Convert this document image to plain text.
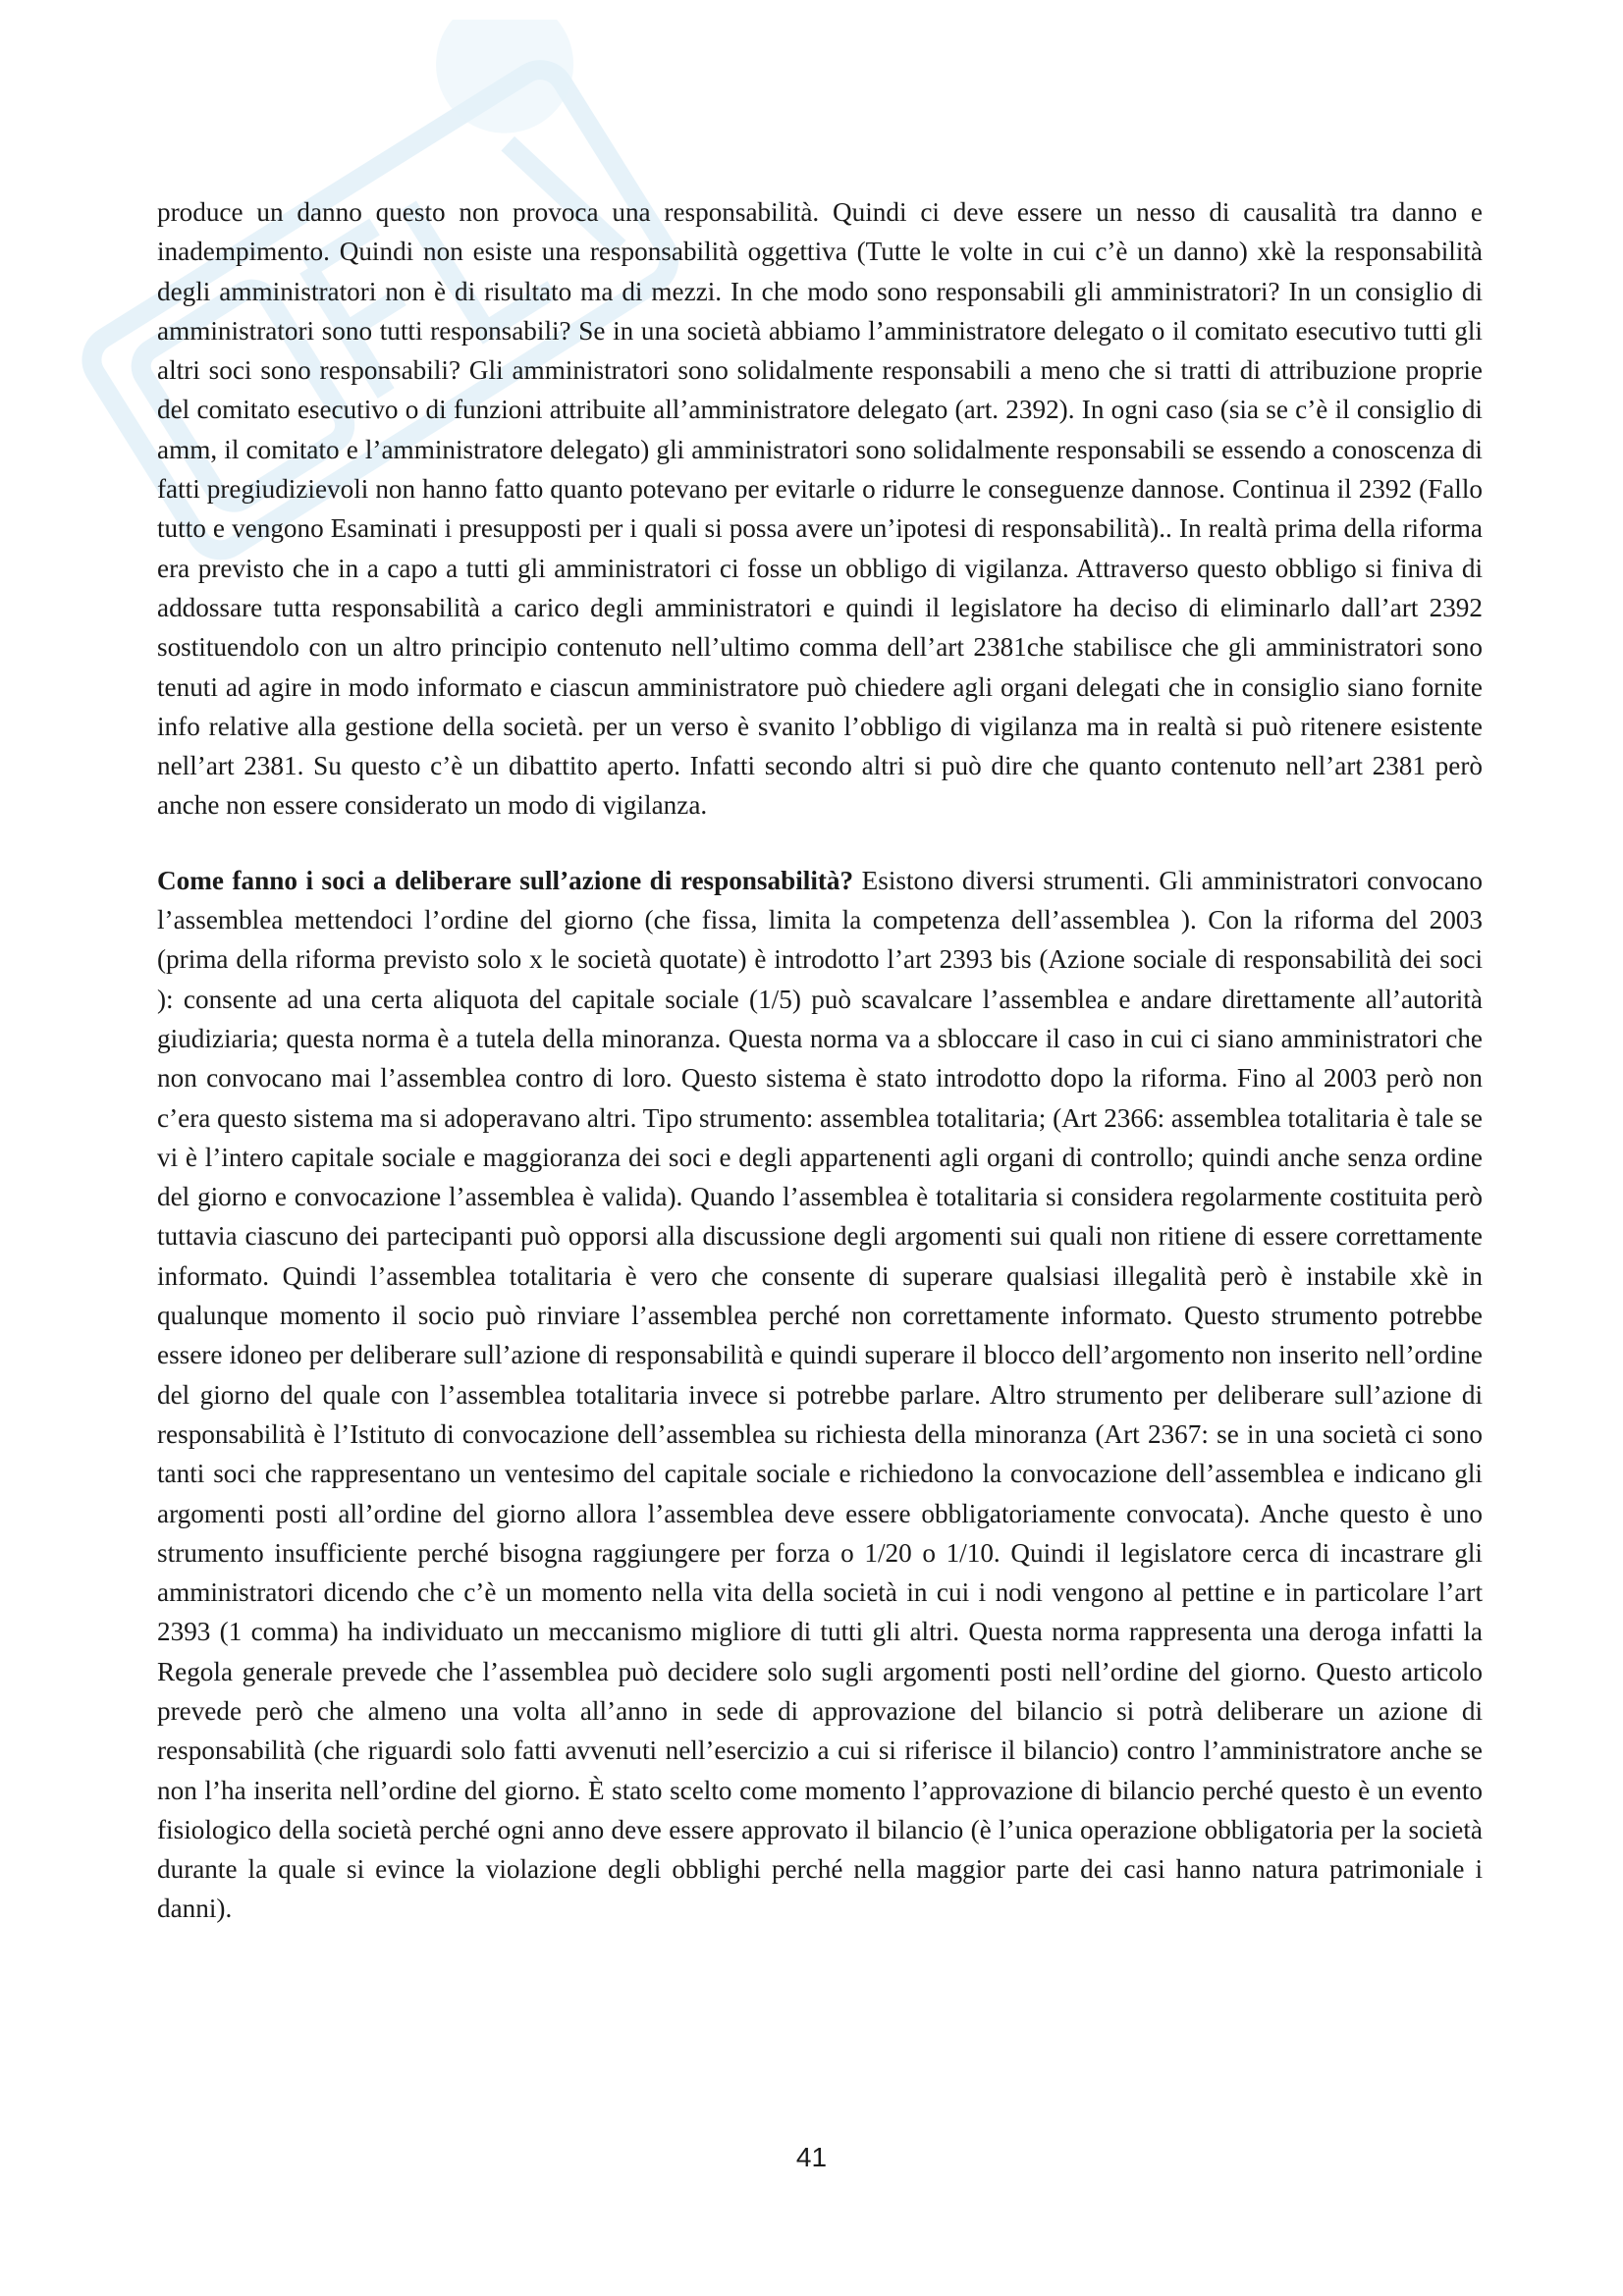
produce un danno questo non provoca una responsabilità. Quindi ci deve essere un nesso di causalità tra danno e inadempimento. Quindi non esiste una responsabilità oggettiva (Tutte le volte in cui c’è un danno) xkè la responsabilità degli amministratori non è di risultato ma di mezzi. In che modo sono responsabili gli amministratori? In un consiglio di amministratori sono tutti responsabili? Se in una società abbiamo l’amministratore delegato o il comitato esecutivo tutti gli altri soci sono responsabili? Gli amministratori sono solidalmente responsabili a meno che si tratti di attribuzione proprie del comitato esecutivo o di funzioni attribuite all’amministratore delegato (art. 2392). In ogni caso (sia se c’è il consiglio di amm, il comitato e l’amministratore delegato) gli amministratori sono solidalmente responsabili se essendo a conoscenza di fatti pregiudizievoli non hanno fatto quanto potevano per evitarle o ridurre le conseguenze dannose. Continua il 2392 (Fallo tutto e vengono Esaminati i presupposti per i quali si possa avere un’ipotesi di responsabilità).. In realtà prima della riforma era previsto che in a capo a tutti gli amministratori ci fosse un obbligo di vigilanza. Attraverso questo obbligo si finiva di addossare tutta responsabilità a carico degli amministratori e quindi il legislatore ha deciso di eliminarlo dall’art 2392 sostituendolo con un altro principio contenuto nell’ultimo comma dell’art 2381che stabilisce che gli amministratori sono tenuti ad agire in modo informato e ciascun amministratore può chiedere agli organi delegati che in consiglio siano fornite info relative alla gestione della società. per un verso è svanito l’obbligo di vigilanza ma in realtà si può ritenere esistente nell’art 2381. Su questo c’è un dibattito aperto. Infatti secondo altri si può dire che quanto contenuto nell’art 2381 però anche non essere considerato un modo di vigilanza.

Come fanno i soci a deliberare sull’azione di responsabilità? Esistono diversi strumenti. Gli amministratori convocano l’assemblea mettendoci l’ordine del giorno (che fissa, limita la competenza dell’assemblea ). Con la riforma del 2003 (prima della riforma previsto solo x le società quotate) è introdotto l’art 2393 bis (Azione sociale di responsabilità dei soci ): consente ad una certa aliquota del capitale sociale (1/5) può scavalcare l’assemblea e andare direttamente all’autorità giudiziaria; questa norma è a tutela della minoranza. Questa norma va a sbloccare il caso in cui ci siano amministratori che non convocano mai l’assemblea contro di loro. Questo sistema è stato introdotto dopo la riforma. Fino al 2003 però non c’era questo sistema ma si adoperavano altri. Tipo strumento: assemblea totalitaria; (Art 2366: assemblea totalitaria è tale se vi è l’intero capitale sociale e maggioranza dei soci e degli appartenenti agli organi di controllo; quindi anche senza ordine del giorno e convocazione l’assemblea è valida). Quando l’assemblea è totalitaria si considera regolarmente costituita però tuttavia ciascuno dei partecipanti può opporsi alla discussione degli argomenti sui quali non ritiene di essere correttamente informato. Quindi l’assemblea totalitaria è vero che consente di superare qualsiasi illegalità però è instabile xkè in qualunque momento il socio può rinviare l’assemblea perché non correttamente informato. Questo strumento potrebbe essere idoneo per deliberare sull’azione di responsabilità e quindi superare il blocco dell’argomento non inserito nell’ordine del giorno del quale con l’assemblea totalitaria invece si potrebbe parlare. Altro strumento per deliberare sull’azione di responsabilità è l’Istituto di convocazione dell’assemblea su richiesta della minoranza (Art 2367: se in una società ci sono tanti soci che rappresentano un ventesimo del capitale sociale e richiedono la convocazione dell’assemblea e indicano gli argomenti posti all’ordine del giorno allora l’assemblea deve essere obbligatoriamente convocata). Anche questo è uno strumento insufficiente perché bisogna raggiungere per forza o 1/20 o 1/10. Quindi il legislatore cerca di incastrare gli amministratori dicendo che c’è un momento nella vita della società in cui i nodi vengono al pettine e in particolare l’art 2393 (1 comma) ha individuato un meccanismo migliore di tutti gli altri. Questa norma rappresenta una deroga infatti la Regola generale prevede che l’assemblea può decidere solo sugli argomenti posti nell’ordine del giorno. Questo articolo prevede però che almeno una volta all’anno in sede di approvazione del bilancio si potrà deliberare un azione di responsabilità (che riguardi solo fatti avvenuti nell’esercizio a cui si riferisce il bilancio) contro l’amministratore anche se non l’ha inserita nell’ordine del giorno. È stato scelto come momento l’approvazione di bilancio perché questo è un evento fisiologico della società perché ogni anno deve essere approvato il bilancio (è l’unica operazione obbligatoria per la società durante la quale si evince la violazione degli obblighi perché nella maggior parte dei casi hanno natura patrimoniale i danni).

41
